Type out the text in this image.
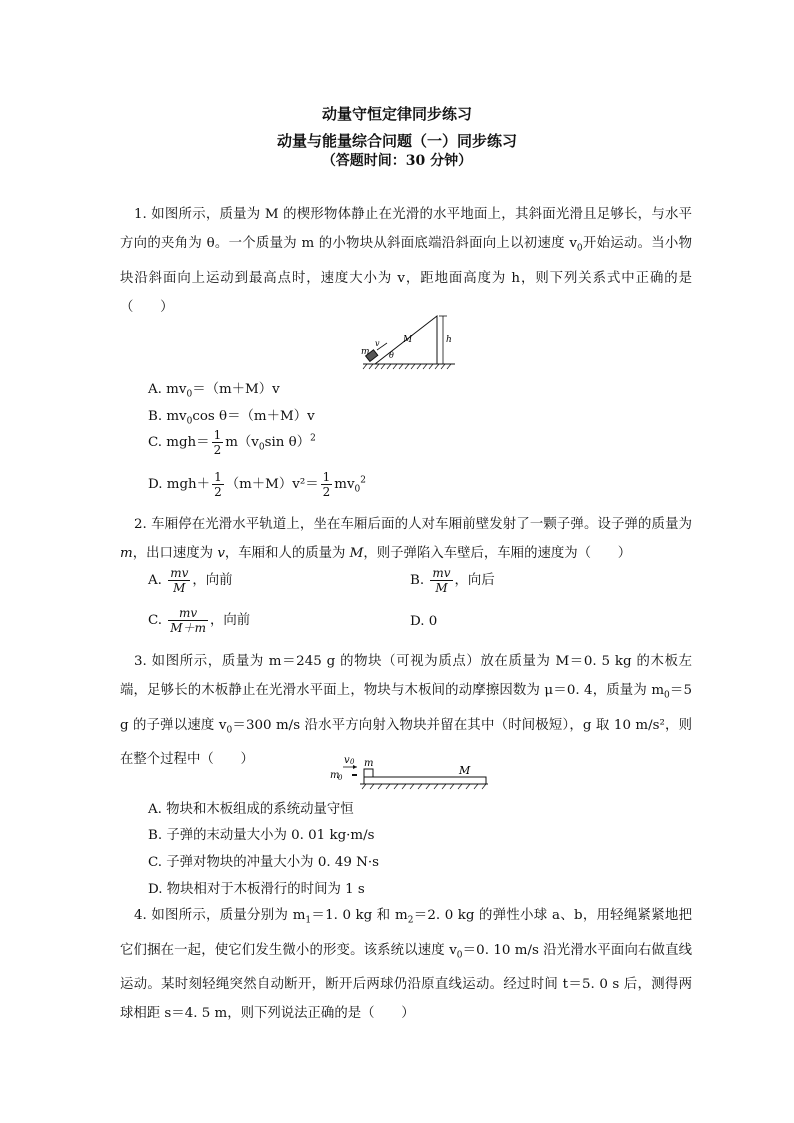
动量守恒定律同步练习
动量与能量综合问题（一）同步练习
（答题时间：30 分钟）

1. 如图所示，质量为 M 的楔形物体静止在光滑的水平地面上，其斜面光滑且足够长，与水平方向的夹角为 θ。一个质量为 m 的小物块从斜面底端沿斜面向上以初速度 $v_0$开始运动。当小物块沿斜面向上运动到最高点时，速度大小为 v，距地面高度为 h，则下列关系式中正确的是（　　）

m
v
θ
M	h
A. $mv_0=(m+M)v$
B. $mv_0\cos$ θ＝（m＋M）v
C. $mgh= \frac{1}{2} m(v_0\sin$ θ）$^2$
D. $mgh+ \frac{1}{2} (m+M)v^2= \frac{1}{2} mv_0^2$

2. 车厢停在光滑水平轨道上，坐在车厢后面的人对车厢前壁发射了一颗子弹。设子弹的质量为 m，出口速度为 v，车厢和人的质量为 M，则子弹陷入车壁后，车厢的速度为（　　）

A. $\frac{mv}{M}$ ，向前	B. $\frac{mv}{M}$ ，向后
C. $\frac{mv}{M+m}$ ，向前	D. 0

3. 如图所示，质量为 m＝245 g 的物块（可视为质点）放在质量为 M＝0. 5 kg 的木板左端，足够长的木板静止在光滑水平面上，物块与木板间的动摩擦因数为 μ＝0. 4，质量为 $m_0=5$ g 的子弹以速度 $v_0=300$ m/s 沿水平方向射入物块并留在其中（时间极短），g 取 10 m/s²，则在整个过程中（　　）	v 0
m
0
m
M
A. 物块和木板组成的系统动量守恒
B. 子弹的末动量大小为 0. 01 kg·m/s
C. 子弹对物块的冲量大小为 0. 49 N·s
D. 物块相对于木板滑行的时间为 1 s

4. 如图所示，质量分别为 $m_1=1$. 0 kg 和 $m_2=2$. 0 kg 的弹性小球 a、b，用轻绳紧紧地把它们捆在一起，使它们发生微小的形变。该系统以速度 $v_0=0$. 10 m/s 沿光滑水平面向右做直线运动。某时刻轻绳突然自动断开，断开后两球仍沿原直线运动。经过时间 t＝5. 0 s 后，测得两球相距 s＝4. 5 m，则下列说法正确的是（　　）
